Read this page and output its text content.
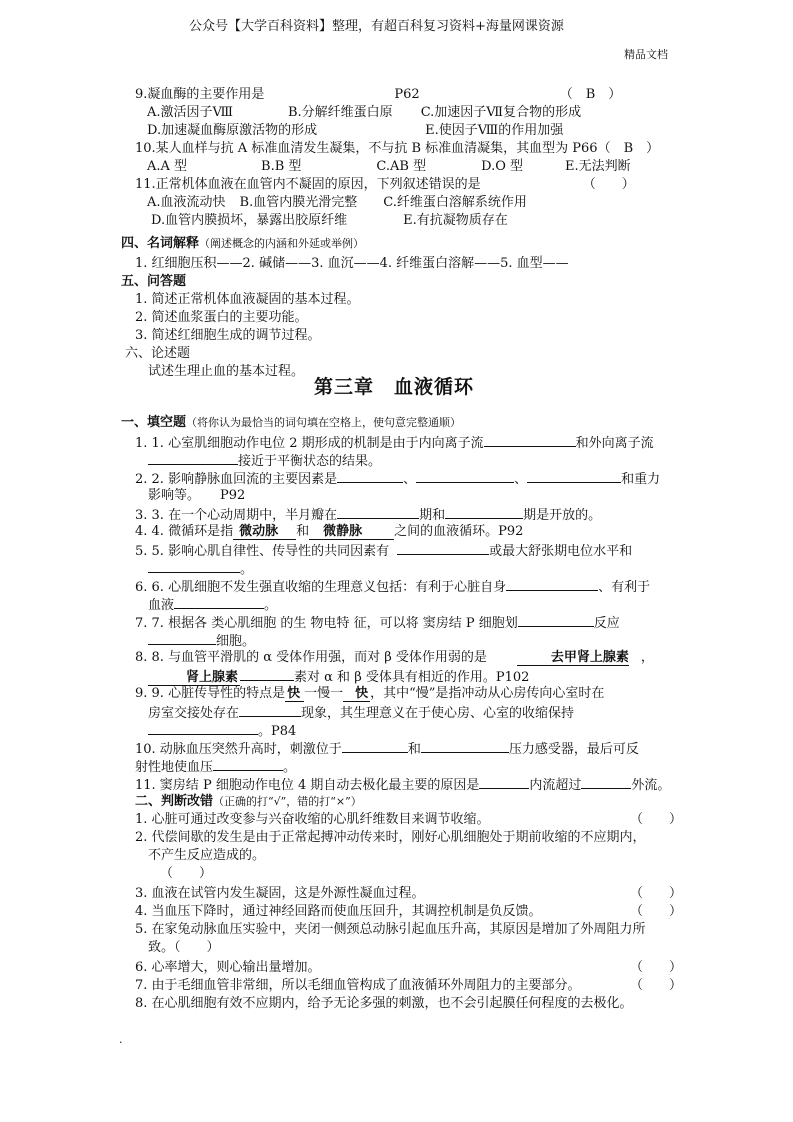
公众号【大学百科资料】整理，有超百科复习资料+海量网课资源
精品文档
9.凝血酶的主要作用是	P62	（　B　）
A.激活因子Ⅷ	B.分解纤维蛋白原 C.加速因子Ⅶ复合物的形成
D.加速凝血酶原激活物的形成	E.使因子Ⅷ的作用加强
10.某人血样与抗 A 标准血清发生凝集，不与抗 B 标准血清凝集，其血型为 P66（　B　）
A.A 型	B.B 型	C.AB 型	D.O 型	E.无法判断
11.正常机体血液在血管内不凝固的原因，下列叙述错误的是	（　　）
A.血液流动快 B.血管内膜光滑完整 C.纤维蛋白溶解系统作用
D.血管内膜损坏，暴露出胶原纤维	E.有抗凝物质存在
四、名词解释（阐述概念的内涵和外延或举例）
1. 红细胞压积——2. 碱储——3. 血沉——4. 纤维蛋白溶解——5. 血型——
五、问答题
1. 简述正常机体血液凝固的基本过程。
2. 简述血浆蛋白的主要功能。
3. 简述红细胞生成的调节过程。
六、论述题
试述生理止血的基本过程。
第三章　血液循环
一、填空题（将你认为最恰当的词句填在空格上，使句意完整通顺）
1. 1. 心室肌细胞动作电位 2 期形成的机制是由于内向离子流	和外向离子流
接近于平衡状态的结果。
2. 2. 影响静脉血回流的主要因素是	、	、	和重力
影响等。 P92
3. 3. 在一个心动周期中，半月瓣在	期和	期是开放的。
4. 4. 微循环是指 微动脉 和 微静脉 之间的血液循环。P92
5. 5. 影响心肌自律性、传导性的共同因素有	或最大舒张期电位水平和
。
6. 6. 心肌细胞不发生强直收缩的生理意义包括：有利于心脏自身	、有利于
血液	。
7. 7. 根据各 类心肌细胞 的生 物电特 征，可以将 窦房结 P 细胞划	反应
细胞。
8. 8. 与血管平滑肌的 α 受体作用强，而对 β 受体作用弱的是	去甲肾上腺素 ，
肾上腺素	素对 α 和 β 受体具有相近的作用。P102
9. 9. 心脏传导性的特点是 快 一慢一 快 ，其中“慢”是指冲动从心房传向心室时在
房室交接处存在	现象，其生理意义在于使心房、心室的收缩保持
。P84
10. 动脉血压突然升高时，刺激位于	和	压力感受器，最后可反
射性地使血压	。
11. 窦房结 P 细胞动作电位 4 期自动去极化最主要的原因是	内流超过	外流。
二、判断改错（正确的打“√”，错的打“×”）
1. 心脏可通过改变参与兴奋收缩的心肌纤维数目来调节收缩。	（　　）
2. 代偿间歇的发生是由于正常起搏冲动传来时，刚好心肌细胞处于期前收缩的不应期内，
不产生反应造成的。
（　　）
3. 血液在试管内发生凝固，这是外源性凝血过程。	（　　）
4. 当血压下降时，通过神经回路而使血压回升，其调控机制是负反馈。	（　　）
5. 在家兔动脉血压实验中，夹闭一侧颈总动脉引起血压升高，其原因是增加了外周阻力所
致。（　　）
6. 心率增大，则心输出量增加。	（　　）
7. 由于毛细血管非常细，所以毛细血管构成了血液循环外周阻力的主要部分。	（　　）
8. 在心肌细胞有效不应期内，给予无论多强的刺激，也不会引起膜任何程度的去极化。
.
